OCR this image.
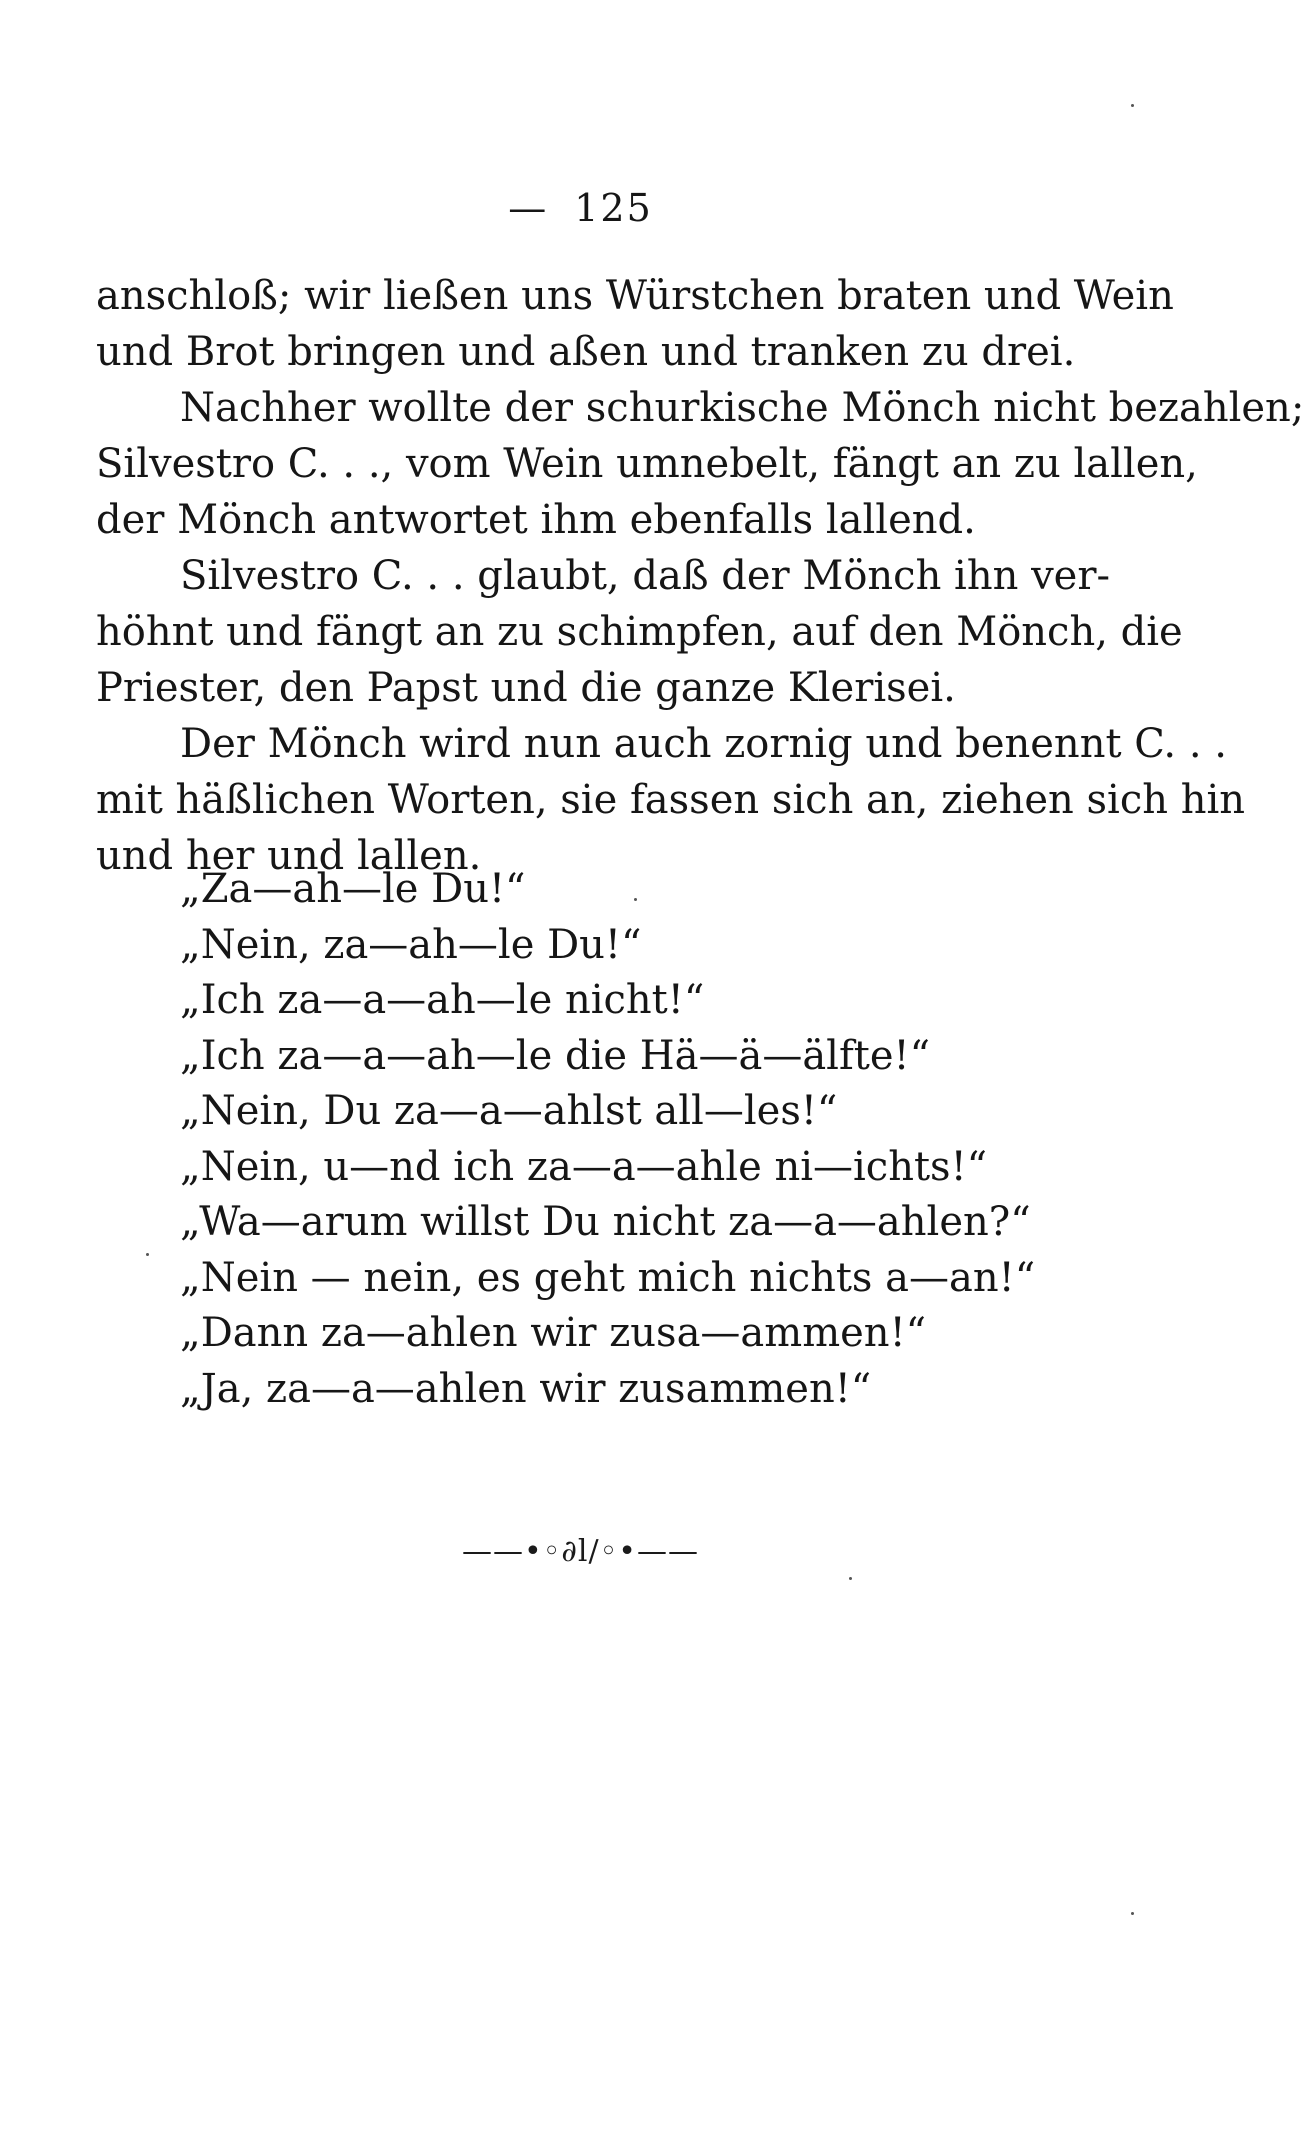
— 125
anschloß; wir ließen uns Würstchen braten und Wein
und Brot bringen und aßen und tranken zu drei.
Nachher wollte der schurkische Mönch nicht bezahlen;
Silvestro C. . ., vom Wein umnebelt, fängt an zu lallen,
der Mönch antwortet ihm ebenfalls lallend.
Silvestro C. . . glaubt, daß der Mönch ihn ver-
höhnt und fängt an zu schimpfen, auf den Mönch, die
Priester, den Papst und die ganze Klerisei.
Der Mönch wird nun auch zornig und benennt C. . .
mit häßlichen Worten, sie fassen sich an, ziehen sich hin
und her und lallen.
„Za—ah—le Du!“
„Nein, za—ah—le Du!“
„Ich za—a—ah—le nicht!“
„Ich za—a—ah—le die Hä—ä—älfte!“
„Nein, Du za—a—ahlst all—les!“
„Nein, u—nd ich za—a—ahle ni—ichts!“
„Wa—arum willst Du nicht za—a—ahlen?“
„Nein — nein, es geht mich nichts a—an!“
„Dann za—ahlen wir zusa—ammen!“
„Ja, za—a—ahlen wir zusammen!“
——•◦∂l∕⁠◦•——
